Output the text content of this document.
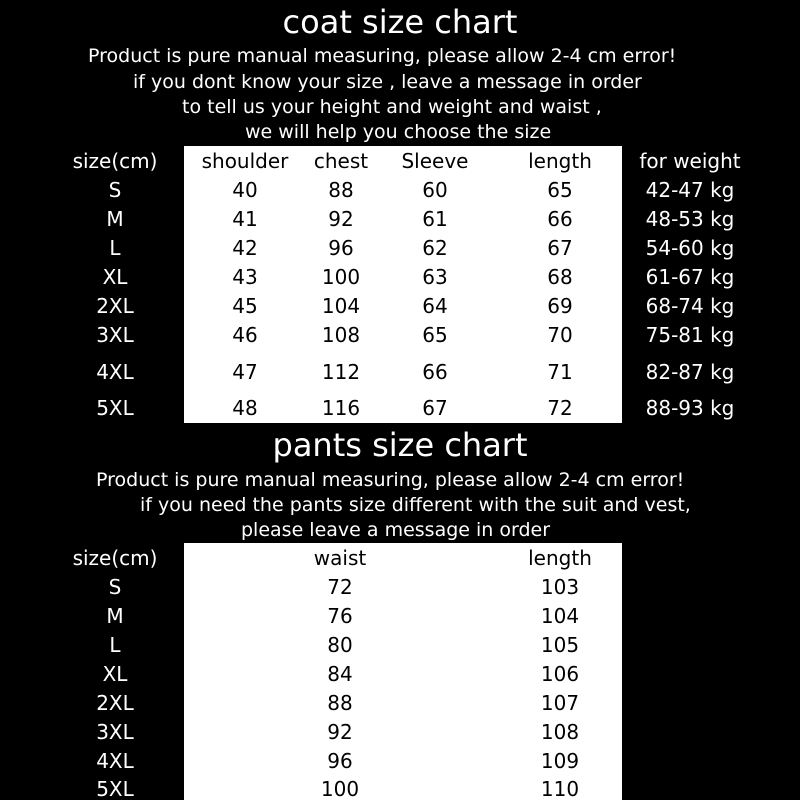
coat size chart
Product is pure manual measuring, please allow 2-4 cm error!
if you dont know your size , leave a message in order
to tell us your height and weight and waist ,
we will help you choose the size
size(cm)	shoulder	chest	Sleeve	length	for weight
S	40	88	60	65	42-47 kg
M	41	92	61	66	48-53 kg
L	42	96	62	67	54-60 kg
XL	43	100	63	68	61-67 kg
2XL	45	104	64	69	68-74 kg
3XL	46	108	65	70	75-81 kg
4XL	47	112	66	71	82-87 kg
5XL	48	116	67	72	88-93 kg
pants size chart
Product is pure manual measuring, please allow 2-4 cm error!
if you need the pants size different with the suit and vest,
please leave a message in order
size(cm)	waist	length
S	72	103
M	76	104
L	80	105
XL	84	106
2XL	88	107
3XL	92	108
4XL	96	109
5XL	100	110
